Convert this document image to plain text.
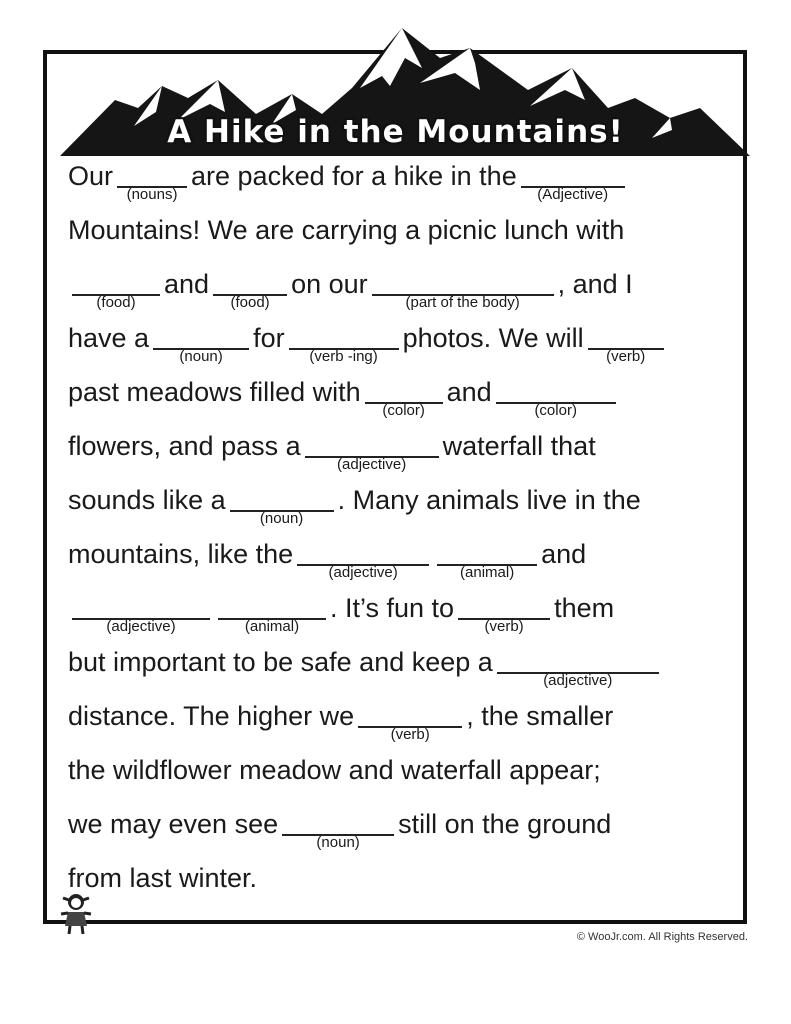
A Hike in the Mountains!
Our
(nouns)
are packed for a hike in the
(Adjective)
Mountains! We are carrying a picnic lunch with
(food)
and
(food)
on our
(part of the body)
, and I
have a
(noun)
for
(verb -ing)
photos. We will
(verb)
past meadows filled with
(color)
and
(color)
flowers, and pass a
(adjective)
waterfall that
sounds like a
(noun)
. Many animals live in the
mountains, like the
(adjective)	(animal)
and
(adjective)	(animal)
. It’s fun to
(verb)
them
but important to be safe and keep a
(adjective)
distance. The higher we
(verb)
, the smaller
the wildflower meadow and waterfall appear;
we may even see
(noun)
still on the ground
from last winter.
© WooJr.com. All Rights Reserved.
